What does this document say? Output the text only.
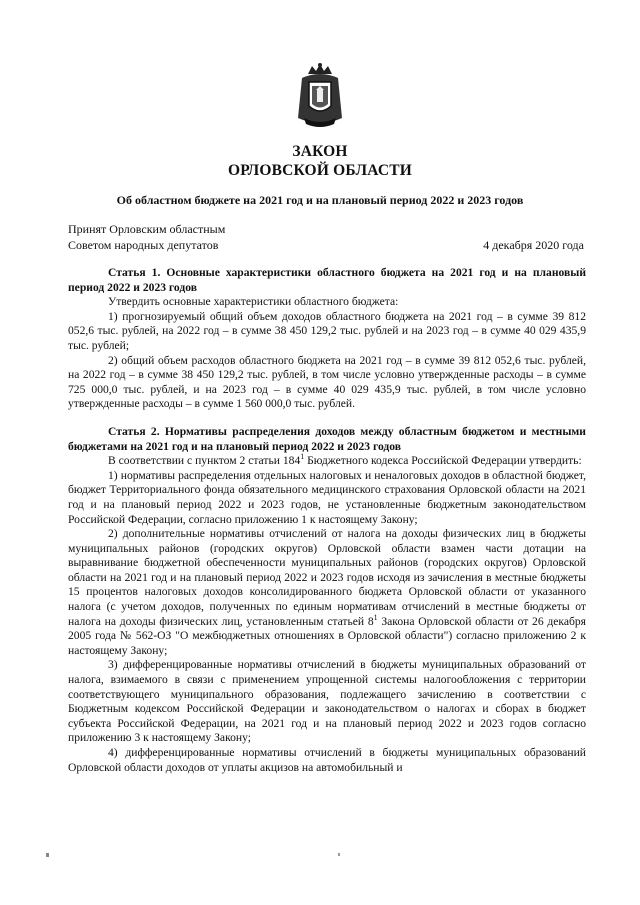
ЗАКОН
ОРЛОВСКОЙ ОБЛАСТИ
Об областном бюджете на 2021 год и на плановый период 2022 и 2023 годов
Принят Орловским областным
Советом народных депутатов	4 декабря 2020 года

Статья 1. Основные характеристики областного бюджета на 2021 год и на плановый период 2022 и 2023 годов

Утвердить основные характеристики областного бюджета:

1) прогнозируемый общий объем доходов областного бюджета на 2021 год – в сумме 39 812 052,6 тыс. рублей, на 2022 год – в сумме 38 450 129,2 тыс. рублей и на 2023 год – в сумме 40 029 435,9 тыс. рублей;

2) общий объем расходов областного бюджета на 2021 год – в сумме 39 812 052,6 тыс. рублей, на 2022 год – в сумме 38 450 129,2 тыс. рублей, в том числе условно утвержденные расходы – в сумме 725 000,0 тыс. рублей, и на 2023 год – в сумме 40 029 435,9 тыс. рублей, в том числе условно утвержденные расходы – в сумме 1 560 000,0 тыс. рублей.

Статья 2. Нормативы распределения доходов между областным бюджетом и местными бюджетами на 2021 год и на плановый период 2022 и 2023 годов

В соответствии с пунктом 2 статьи $184^1$ Бюджетного кодекса Российской Федерации утвердить:

1) нормативы распределения отдельных налоговых и неналоговых доходов в областной бюджет, бюджет Территориального фонда обязательного медицинского страхования Орловской области на 2021 год и на плановый период 2022 и 2023 годов, не установленные бюджетным законодательством Российской Федерации, согласно приложению 1 к настоящему Закону;

2) дополнительные нормативы отчислений от налога на доходы физических лиц в бюджеты муниципальных районов (городских округов) Орловской области взамен части дотации на выравнивание бюджетной обеспеченности муниципальных районов (городских округов) Орловской области на 2021 год и на плановый период 2022 и 2023 годов исходя из зачисления в местные бюджеты 15 процентов налоговых доходов консолидированного бюджета Орловской области от указанного налога (с учетом доходов, полученных по единым нормативам отчислений в местные бюджеты от налога на доходы физических лиц, установленным статьей $8^1$ Закона Орловской области от 26 декабря 2005 года № 562-ОЗ "О межбюджетных отношениях в Орловской области") согласно приложению 2 к настоящему Закону;

3) дифференцированные нормативы отчислений в бюджеты муниципальных образований от налога, взимаемого в связи с применением упрощенной системы налогообложения с территории соответствующего муниципального образования, подлежащего зачислению в соответствии с Бюджетным кодексом Российской Федерации и законодательством о налогах и сборах в бюджет субъекта Российской Федерации, на 2021 год и на плановый период 2022 и 2023 годов согласно приложению 3 к настоящему Закону;

4) дифференцированные нормативы отчислений в бюджеты муниципальных образований Орловской области доходов от уплаты акцизов на автомобильный и
